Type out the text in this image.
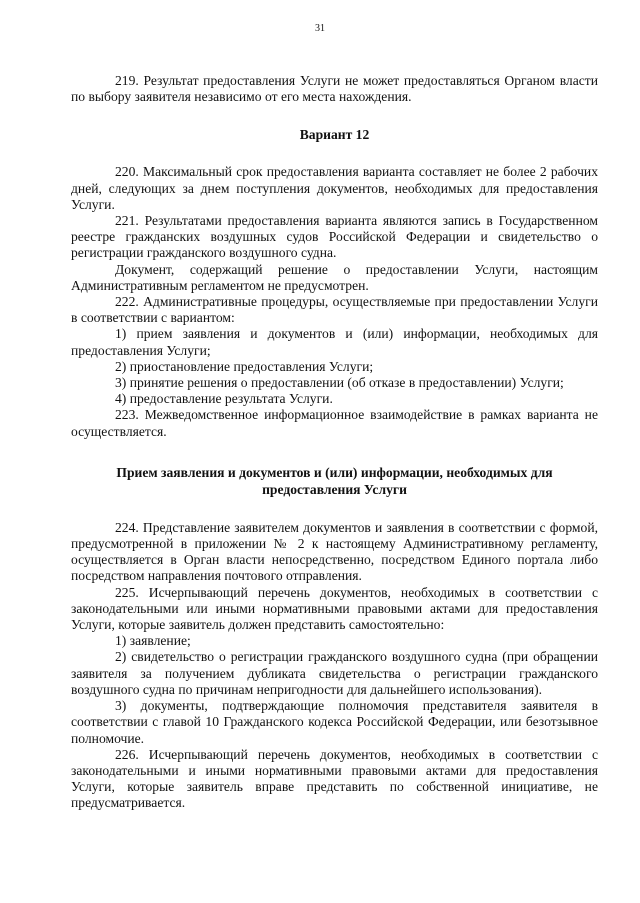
31

219. Результат предоставления Услуги не может предоставляться Органом власти по выбору заявителя независимо от его места нахождения.

Вариант 12

220. Максимальный срок предоставления варианта составляет не более 2 рабочих дней, следующих за днем поступления документов, необходимых для предоставления Услуги.

221. Результатами предоставления варианта являются запись в Государственном реестре гражданских воздушных судов Российской Федерации и свидетельство о регистрации гражданского воздушного судна.

Документ, содержащий решение о предоставлении Услуги, настоящим Административным регламентом не предусмотрен.

222. Административные процедуры, осуществляемые при предоставлении Услуги в соответствии с вариантом:

1) прием заявления и документов и (или) информации, необходимых для предоставления Услуги;

2) приостановление предоставления Услуги;

3) принятие решения о предоставлении (об отказе в предоставлении) Услуги;

4) предоставление результата Услуги.

223. Межведомственное информационное взаимодействие в рамках варианта не осуществляется.

Прием заявления и документов и (или) информации, необходимых для предоставления Услуги

224. Представление заявителем документов и заявления в соответствии с формой, предусмотренной в приложении № 2 к настоящему Административному регламенту, осуществляется в Орган власти непосредственно, посредством Единого портала либо посредством направления почтового отправления.

225. Исчерпывающий перечень документов, необходимых в соответствии с законодательными или иными нормативными правовыми актами для предоставления Услуги, которые заявитель должен представить самостоятельно:

1) заявление;

2) свидетельство о регистрации гражданского воздушного судна (при обращении заявителя за получением дубликата свидетельства о регистрации гражданского воздушного судна по причинам непригодности для дальнейшего использования).

3) документы, подтверждающие полномочия представителя заявителя в соответствии с главой 10 Гражданского кодекса Российской Федерации, или безотзывное полномочие.

226. Исчерпывающий перечень документов, необходимых в соответствии с законодательными и иными нормативными правовыми актами для предоставления Услуги, которые заявитель вправе представить по собственной инициативе, не предусматривается.
